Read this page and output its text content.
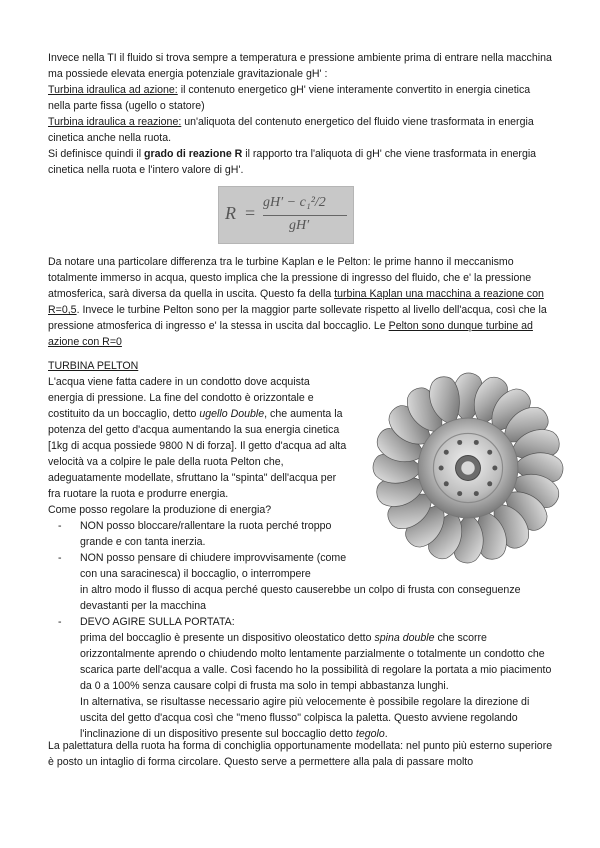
Invece nella TI il fluido si trova sempre a temperatura e pressione ambiente prima di entrare nella macchina ma possiede elevata energia potenziale gravitazionale gH' :

Turbina idraulica ad azione: il contenuto energetico gH' viene interamente convertito in energia cinetica nella parte fissa (ugello o statore)

Turbina idraulica a reazione: un'aliquota del contenuto energetico del fluido viene trasformata in energia cinetica anche nella ruota.

Si definisce quindi il grado di reazione R il rapporto tra l'aliquota di gH' che viene trasformata in energia cinetica nella ruota e l'intero valore di gH'.

R =
gH′ − c₁²/2
gH′

Da notare una particolare differenza tra le turbine Kaplan e le Pelton: le prime hanno il meccanismo totalmente immerso in acqua, questo implica che la pressione di ingresso del fluido, che e' la pressione atmosferica, sarà diversa da quella in uscita. Questo fa della turbina Kaplan una macchina a reazione con R=0,5. Invece le turbine Pelton sono per la maggior parte sollevate rispetto al livello dell'acqua, così che la pressione atmosferica di ingresso e' la stessa in uscita dal boccaglio. Le Pelton sono dunque turbine ad azione con R=0

TURBINA PELTON

L'acqua viene fatta cadere in un condotto dove acquista energia di pressione. La fine del condotto è orizzontale e costituito da un boccaglio, detto ugello Double, che aumenta la potenza del getto d'acqua aumentando la sua energia cinetica [1kg di acqua possiede 9800 N di forza]. Il getto d'acqua ad alta velocità va a colpire le pale della ruota Pelton che, adeguatamente modellate, sfruttano la "spinta" dell'acqua per fra ruotare la ruota e produrre energia.

Come posso regolare la produzione di energia?

-	NON posso bloccare/rallentare la ruota perché troppo grande e con tanta inerzia.
-	NON posso pensare di chiudere improvvisamente (come con una saracinesca) il boccaglio, o interrompere
in altro modo il flusso di acqua perché questo causerebbe un colpo di frusta con conseguenze devastanti per la macchina
-	DEVO AGIRE SULLA PORTATA:
prima del boccaglio è presente un dispositivo oleostatico detto spina double che scorre orizzontalmente aprendo o chiudendo molto lentamente parzialmente o totalmente un condotto che scarica parte dell'acqua a valle. Così facendo ho la possibilità di regolare la portata a mio piacimento da 0 a 100% senza causare colpi di frusta ma solo in tempi abbastanza lunghi.
In alternativa, se risultasse necessario agire più velocemente è possibile regolare la direzione di uscita del getto d'acqua così che "meno flusso" colpisca la paletta. Questo avviene regolando l'inclinazione di un dispositivo presente sul boccaglio detto tegolo.

La palettatura della ruota ha forma di conchiglia opportunamente modellata: nel punto più esterno superiore è posto un intaglio di forma circolare. Questo serve a permettere alla pala di passare molto
